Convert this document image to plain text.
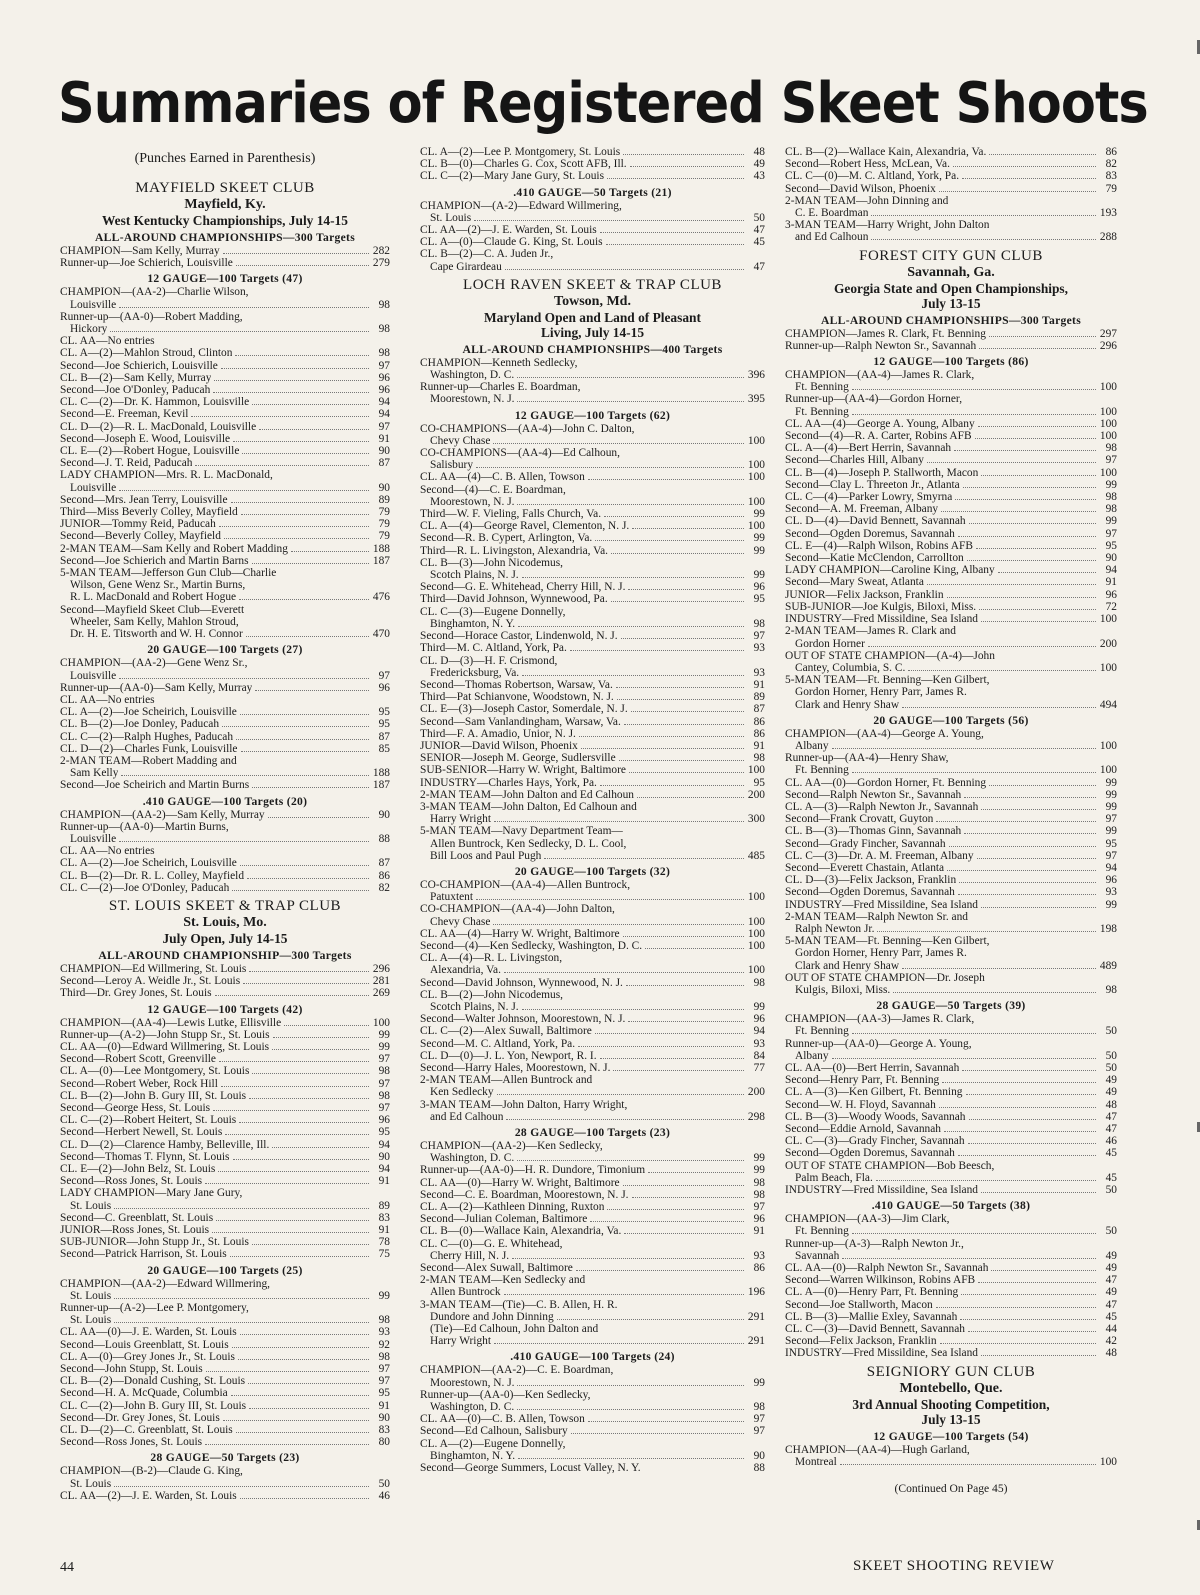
Summaries of Registered Skeet Shoots
(Punches Earned in Parenthesis)
MAYFIELD SKEET CLUB
Mayfield, Ky.
West Kentucky Championships, July 14-15
ALL-AROUND CHAMPIONSHIPS—300 Targets
CHAMPION—Sam Kelly, Murray	282
Runner-up—Joe Schierich, Louisville	279
12 GAUGE—100 Targets (47)
CHAMPION—(AA-2)—Charlie Wilson,
Louisville	98
Runner-up—(AA-0)—Robert Madding,
Hickory	98
CL. AA—No entries
CL. A—(2)—Mahlon Stroud, Clinton	98
Second—Joe Schierich, Louisville	97
CL. B—(2)—Sam Kelly, Murray	96
Second—Joe O'Donley, Paducah	96
CL. C—(2)—Dr. K. Hammon, Louisville	94
Second—E. Freeman, Kevil	94
CL. D—(2)—R. L. MacDonald, Louisville	97
Second—Joseph E. Wood, Louisville	91
CL. E—(2)—Robert Hogue, Louisville	90
Second—J. T. Reid, Paducah	87
LADY CHAMPION—Mrs. R. L. MacDonald,
Louisville	90
Second—Mrs. Jean Terry, Louisville	89
Third—Miss Beverly Colley, Mayfield	79
JUNIOR—Tommy Reid, Paducah	79
Second—Beverly Colley, Mayfield	79
2-MAN TEAM—Sam Kelly and Robert Madding	188
Second—Joe Schierich and Martin Barns	187
5-MAN TEAM—Jefferson Gun Club—Charlie
Wilson, Gene Wenz Sr., Martin Burns,
R. L. MacDonald and Robert Hogue	476
Second—Mayfield Skeet Club—Everett
Wheeler, Sam Kelly, Mahlon Stroud,
Dr. H. E. Titsworth and W. H. Connor	470
20 GAUGE—100 Targets (27)
CHAMPION—(AA-2)—Gene Wenz Sr.,
Louisville	97
Runner-up—(AA-0)—Sam Kelly, Murray	96
CL. AA—No entries
CL. A—(2)—Joe Scheirich, Louisville	95
CL. B—(2)—Joe Donley, Paducah	95
CL. C—(2)—Ralph Hughes, Paducah	87
CL. D—(2)—Charles Funk, Louisville	85
2-MAN TEAM—Robert Madding and
Sam Kelly	188
Second—Joe Scheirich and Martin Burns	187
.410 GAUGE—100 Targets (20)
CHAMPION—(AA-2)—Sam Kelly, Murray	90
Runner-up—(AA-0)—Martin Burns,
Louisville	88
CL. AA—No entries
CL. A—(2)—Joe Scheirich, Louisville	87
CL. B—(2)—Dr. R. L. Colley, Mayfield	86
CL. C—(2)—Joe O'Donley, Paducah	82
ST. LOUIS SKEET & TRAP CLUB
St. Louis, Mo.
July Open, July 14-15
ALL-AROUND CHAMPIONSHIP—300 Targets
CHAMPION—Ed Willmering, St. Louis	296
Second—Leroy A. Weidle Jr., St. Louis	281
Third—Dr. Grey Jones, St. Louis	269
12 GAUGE—100 Targets (42)
CHAMPION—(AA-4)—Lewis Lutke, Ellisville	100
Runner-up—(A-2)—John Stupp Sr., St. Louis	99
CL. AA—(0)—Edward Willmering, St. Louis	99
Second—Robert Scott, Greenville	97
CL. A—(0)—Lee Montgomery, St. Louis	98
Second—Robert Weber, Rock Hill	97
CL. B—(2)—John B. Gury III, St. Louis	98
Second—George Hess, St. Louis	97
CL. C—(2)—Robert Heitert, St. Louis	96
Second—Herbert Newell, St. Louis	95
CL. D—(2)—Clarence Hamby, Belleville, Ill.	94
Second—Thomas T. Flynn, St. Louis	90
CL. E—(2)—John Belz, St. Louis	94
Second—Ross Jones, St. Louis	91
LADY CHAMPION—Mary Jane Gury,
St. Louis	89
Second—C. Greenblatt, St. Louis	83
JUNIOR—Ross Jones, St. Louis	91
SUB-JUNIOR—John Stupp Jr., St. Louis	78
Second—Patrick Harrison, St. Louis	75
20 GAUGE—100 Targets (25)
CHAMPION—(AA-2)—Edward Willmering,
St. Louis	99
Runner-up—(A-2)—Lee P. Montgomery,
St. Louis	98
CL. AA—(0)—J. E. Warden, St. Louis	93
Second—Louis Greenblatt, St. Louis	92
CL. A—(0)—Grey Jones Jr., St. Louis	98
Second—John Stupp, St. Louis	97
CL. B—(2)—Donald Cushing, St. Louis	97
Second—H. A. McQuade, Columbia	95
CL. C—(2)—John B. Gury III, St. Louis	91
Second—Dr. Grey Jones, St. Louis	90
CL. D—(2)—C. Greenblatt, St. Louis	83
Second—Ross Jones, St. Louis	80
28 GAUGE—50 Targets (23)
CHAMPION—(B-2)—Claude G. King,
St. Louis	50
CL. AA—(2)—J. E. Warden, St. Louis	46
CL. A—(2)—Lee P. Montgomery, St. Louis	48
CL. B—(0)—Charles G. Cox, Scott AFB, Ill.	49
CL. C—(2)—Mary Jane Gury, St. Louis	43
.410 GAUGE—50 Targets (21)
CHAMPION—(A-2)—Edward Willmering,
St. Louis	50
CL. AA—(2)—J. E. Warden, St. Louis	47
CL. A—(0)—Claude G. King, St. Louis	45
CL. B—(2)—C. A. Juden Jr.,
Cape Girardeau	47
LOCH RAVEN SKEET & TRAP CLUB
Towson, Md.
Maryland Open and Land of Pleasant
Living, July 14-15
ALL-AROUND CHAMPIONSHIPS—400 Targets
CHAMPION—Kenneth Sedlecky,
Washington, D. C.	396
Runner-up—Charles E. Boardman,
Moorestown, N. J.	395
12 GAUGE—100 Targets (62)
CO-CHAMPIONS—(AA-4)—John C. Dalton,
Chevy Chase	100
CO-CHAMPIONS—(AA-4)—Ed Calhoun,
Salisbury	100
CL. AA—(4)—C. B. Allen, Towson	100
Second—(4)—C. E. Boardman,
Moorestown, N. J.	100
Third—W. F. Vieling, Falls Church, Va.	99
CL. A—(4)—George Ravel, Clementon, N. J.	100
Second—R. B. Cypert, Arlington, Va.	99
Third—R. L. Livingston, Alexandria, Va.	99
CL. B—(3)—John Nicodemus,
Scotch Plains, N. J.	99
Second—G. E. Whitehead, Cherry Hill, N. J.	96
Third—David Johnson, Wynnewood, Pa.	95
CL. C—(3)—Eugene Donnelly,
Binghamton, N. Y.	98
Second—Horace Castor, Lindenwold, N. J.	97
Third—M. C. Altland, York, Pa.	93
CL. D—(3)—H. F. Crismond,
Fredericksburg, Va.	93
Second—Thomas Robertson, Warsaw, Va.	91
Third—Pat Schianvone, Woodstown, N. J.	89
CL. E—(3)—Joseph Castor, Somerdale, N. J.	87
Second—Sam Vanlandingham, Warsaw, Va.	86
Third—F. A. Amadio, Unior, N. J.	86
JUNIOR—David Wilson, Phoenix	91
SENIOR—Joseph M. George, Sudlersville	98
SUB-SENIOR—Harry W. Wright, Baltimore	100
INDUSTRY—Charles Hays, York, Pa.	95
2-MAN TEAM—John Dalton and Ed Calhoun	200
3-MAN TEAM—John Dalton, Ed Calhoun and
Harry Wright	300
5-MAN TEAM—Navy Department Team—
Allen Buntrock, Ken Sedlecky, D. L. Cool,
Bill Loos and Paul Pugh	485
20 GAUGE—100 Targets (32)
CO-CHAMPION—(AA-4)—Allen Buntrock,
Patuxtent	100
CO-CHAMPION—(AA-4)—John Dalton,
Chevy Chase	100
CL. AA—(4)—Harry W. Wright, Baltimore	100
Second—(4)—Ken Sedlecky, Washington, D. C.	100
CL. A—(4)—R. L. Livingston,
Alexandria, Va.	100
Second—David Johnson, Wynnewood, N. J.	98
CL. B—(2)—John Nicodemus,
Scotch Plains, N. J.	99
Second—Walter Johnson, Moorestown, N. J.	96
CL. C—(2)—Alex Suwall, Baltimore	94
Second—M. C. Altland, York, Pa.	93
CL. D—(0)—J. L. Yon, Newport, R. I.	84
Second—Harry Hales, Moorestown, N. J.	77
2-MAN TEAM—Allen Buntrock and
Ken Sedlecky	200
3-MAN TEAM—John Dalton, Harry Wright,
and Ed Calhoun	298
28 GAUGE—100 Targets (23)
CHAMPION—(AA-2)—Ken Sedlecky,
Washington, D. C.	99
Runner-up—(AA-0)—H. R. Dundore, Timonium	99
CL. AA—(0)—Harry W. Wright, Baltimore	98
Second—C. E. Boardman, Moorestown, N. J.	98
CL. A—(2)—Kathleen Dinning, Ruxton	97
Second—Julian Coleman, Baltimore	96
CL. B—(0)—Wallace Kain, Alexandria, Va.	91
CL. C—(0)—G. E. Whitehead,
Cherry Hill, N. J.	93
Second—Alex Suwall, Baltimore	86
2-MAN TEAM—Ken Sedlecky and
Allen Buntrock	196
3-MAN TEAM—(Tie)—C. B. Allen, H. R.
Dundore and John Dinning	291
(Tie)—Ed Calhoun, John Dalton and
Harry Wright	291
.410 GAUGE—100 Targets (24)
CHAMPION—(AA-2)—C. E. Boardman,
Moorestown, N. J.	99
Runner-up—(AA-0)—Ken Sedlecky,
Washington, D. C.	98
CL. AA—(0)—C. B. Allen, Towson	97
Second—Ed Calhoun, Salisbury	97
CL. A—(2)—Eugene Donnelly,
Binghamton, N. Y.	90
Second—George Summers, Locust Valley, N. Y.	88
CL. B—(2)—Wallace Kain, Alexandria, Va.	86
Second—Robert Hess, McLean, Va.	82
CL. C—(0)—M. C. Altland, York, Pa.	83
Second—David Wilson, Phoenix	79
2-MAN TEAM—John Dinning and
C. E. Boardman	193
3-MAN TEAM—Harry Wright, John Dalton
and Ed Calhoun	288
FOREST CITY GUN CLUB
Savannah, Ga.
Georgia State and Open Championships,
July 13-15
ALL-AROUND CHAMPIONSHIPS—300 Targets
CHAMPION—James R. Clark, Ft. Benning	297
Runner-up—Ralph Newton Sr., Savannah	296
12 GAUGE—100 Targets (86)
CHAMPION—(AA-4)—James R. Clark,
Ft. Benning	100
Runner-up—(AA-4)—Gordon Horner,
Ft. Benning	100
CL. AA—(4)—George A. Young, Albany	100
Second—(4)—R. A. Carter, Robins AFB	100
CL. A—(4)—Bert Herrin, Savannah	98
Second—Charles Hill, Albany	97
CL. B—(4)—Joseph P. Stallworth, Macon	100
Second—Clay L. Threeton Jr., Atlanta	99
CL. C—(4)—Parker Lowry, Smyrna	98
Second—A. M. Freeman, Albany	98
CL. D—(4)—David Bennett, Savannah	99
Second—Ogden Doremus, Savannah	97
CL. E—(4)—Ralph Wilson, Robins AFB	95
Second—Katie McClendon, Carrollton	90
LADY CHAMPION—Caroline King, Albany	94
Second—Mary Sweat, Atlanta	91
JUNIOR—Felix Jackson, Franklin	96
SUB-JUNIOR—Joe Kulgis, Biloxi, Miss.	72
INDUSTRY—Fred Missildine, Sea Island	100
2-MAN TEAM—James R. Clark and
Gordon Horner	200
OUT OF STATE CHAMPION—(A-4)—John
Cantey, Columbia, S. C.	100
5-MAN TEAM—Ft. Benning—Ken Gilbert,
Gordon Horner, Henry Parr, James R.
Clark and Henry Shaw	494
20 GAUGE—100 Targets (56)
CHAMPION—(AA-4)—George A. Young,
Albany	100
Runner-up—(AA-4)—Henry Shaw,
Ft. Benning	100
CL. AA—(0)—Gordon Horner, Ft. Benning	99
Second—Ralph Newton Sr., Savannah	99
CL. A—(3)—Ralph Newton Jr., Savannah	99
Second—Frank Crovatt, Guyton	97
CL. B—(3)—Thomas Ginn, Savannah	99
Second—Grady Fincher, Savannah	95
CL. C—(3)—Dr. A. M. Freeman, Albany	97
Second—Everett Chastain, Atlanta	94
CL. D—(3)—Felix Jackson, Franklin	96
Second—Ogden Doremus, Savannah	93
INDUSTRY—Fred Missildine, Sea Island	99
2-MAN TEAM—Ralph Newton Sr. and
Ralph Newton Jr.	198
5-MAN TEAM—Ft. Benning—Ken Gilbert,
Gordon Horner, Henry Parr, James R.
Clark and Henry Shaw	489
OUT OF STATE CHAMPION—Dr. Joseph
Kulgis, Biloxi, Miss.	98
28 GAUGE—50 Targets (39)
CHAMPION—(AA-3)—James R. Clark,
Ft. Benning	50
Runner-up—(AA-0)—George A. Young,
Albany	50
CL. AA—(0)—Bert Herrin, Savannah	50
Second—Henry Parr, Ft. Benning	49
CL. A—(3)—Ken Gilbert, Ft. Benning	49
Second—W. H. Floyd, Savannah	48
CL. B—(3)—Woody Woods, Savannah	47
Second—Eddie Arnold, Savannah	47
CL. C—(3)—Grady Fincher, Savannah	46
Second—Ogden Doremus, Savannah	45
OUT OF STATE CHAMPION—Bob Beesch,
Palm Beach, Fla.	45
INDUSTRY—Fred Missildine, Sea Island	50
.410 GAUGE—50 Targets (38)
CHAMPION—(AA-3)—Jim Clark,
Ft. Benning	50
Runner-up—(A-3)—Ralph Newton Jr.,
Savannah	49
CL. AA—(0)—Ralph Newton Sr., Savannah	49
Second—Warren Wilkinson, Robins AFB	47
CL. A—(0)—Henry Parr, Ft. Benning	49
Second—Joe Stallworth, Macon	47
CL. B—(3)—Mallie Exley, Savannah	45
CL. C—(3)—David Bennett, Savannah	44
Second—Felix Jackson, Franklin	42
INDUSTRY—Fred Missildine, Sea Island	48
SEIGNIORY GUN CLUB
Montebello, Que.
3rd Annual Shooting Competition,
July 13-15
12 GAUGE—100 Targets (54)
CHAMPION—(AA-4)—Hugh Garland,
Montreal	100
(Continued On Page 45)
44	SKEET SHOOTING REVIEW
